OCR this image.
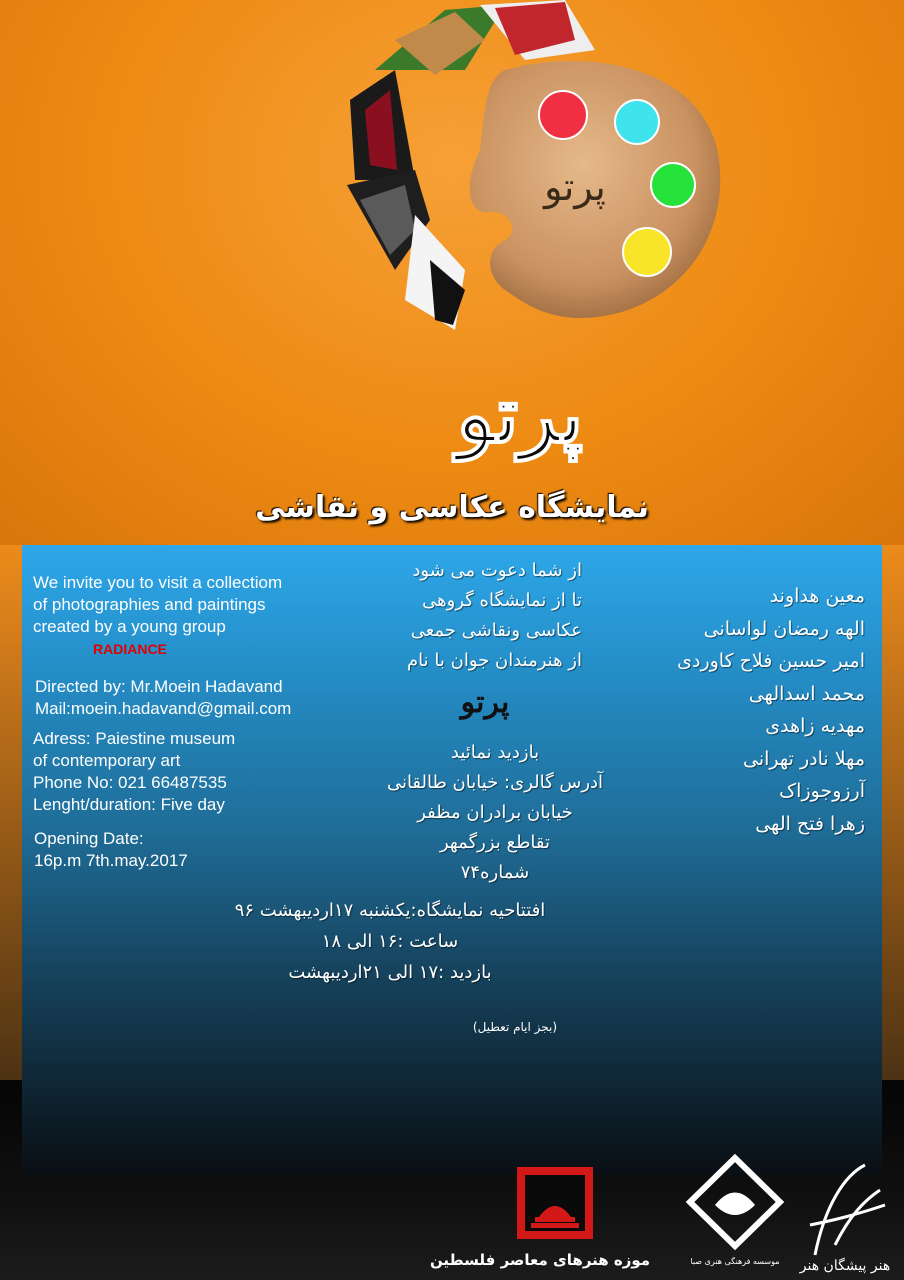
پرتو
پرتو
نمایشگاه عکاسی و نقاشی
We invite you to visit a collectiom
of photographies and paintings
created by a young group
RADIANCE
Directed by: Mr.Moein Hadavand
Mail:moein.hadavand@gmail.com
Adress: Paiestine museum
of contemporary art
Phone No: 021 66487535
Lenght/duration: Five day
Opening Date:
16p.m 7th.may.2017
از شما دعوت می شود
تا از نمایشگاه گروهی
عکاسی ونقاشی جمعی
از هنرمندان جوان با نام
پرتو
بازدید نمائید
آدرس گالری: خیابان طالقانی
خیابان برادران مظفر
تقاطع بزرگمهر
شماره۷۴
افتتاحیه نمایشگاه:یکشنبه ۱۷اردیبهشت ۹۶
ساعت :۱۶ الی ۱۸
بازدید :۱۷ الی ۲۱اردیبهشت
(بجز ایام تعطیل)
معین هداوند
الهه رمضان لواسانی
امیر حسین فلاح کاوردی
محمد اسدالهی
مهدیه زاهدی
مهلا نادر تهرانی
آرزوجوزاک
زهرا فتح الهی
موزه هنرهای معاصر فلسطین	موسسه فرهنگی هنری صبا هنر پیشگان هنر
